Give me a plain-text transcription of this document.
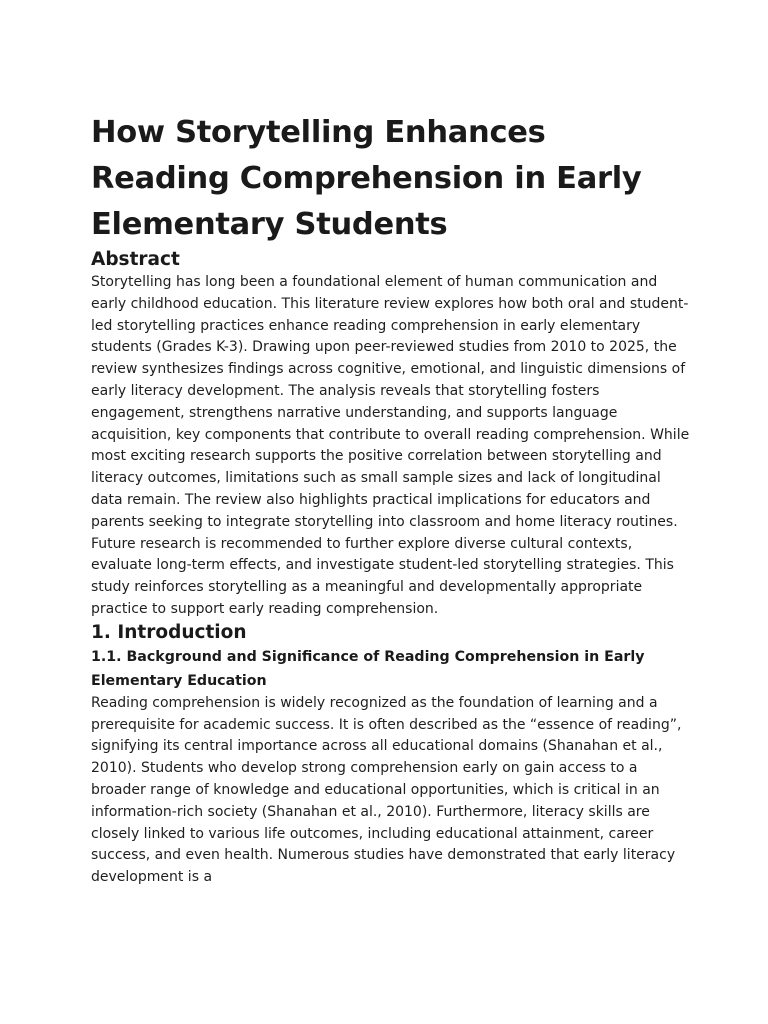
How Storytelling Enhances Reading Comprehension in Early Elementary Students
Abstract

Storytelling has long been a foundational element of human communication and early childhood education. This literature review explores how both oral and student-led storytelling practices enhance reading comprehension in early elementary students (Grades K-3). Drawing upon peer-reviewed studies from 2010 to 2025, the review synthesizes findings across cognitive, emotional, and linguistic dimensions of early literacy development. The analysis reveals that storytelling fosters engagement, strengthens narrative understanding, and supports language acquisition, key components that contribute to overall reading comprehension. While most exciting research supports the positive correlation between storytelling and literacy outcomes, limitations such as small sample sizes and lack of longitudinal data remain. The review also highlights practical implications for educators and parents seeking to integrate storytelling into classroom and home literacy routines. Future research is recommended to further explore diverse cultural contexts, evaluate long-term effects, and investigate student-led storytelling strategies. This study reinforces storytelling as a meaningful and developmentally appropriate practice to support early reading comprehension.

1. Introduction
1.1. Background and Significance of Reading Comprehension in Early Elementary Education

Reading comprehension is widely recognized as the foundation of learning and a prerequisite for academic success. It is often described as the “essence of reading”, signifying its central importance across all educational domains (Shanahan et al., 2010). Students who develop strong comprehension early on gain access to a broader range of knowledge and educational opportunities, which is critical in an information-rich society (Shanahan et al., 2010). Furthermore, literacy skills are closely linked to various life outcomes, including educational attainment, career success, and even health. Numerous studies have demonstrated that early literacy development is a
